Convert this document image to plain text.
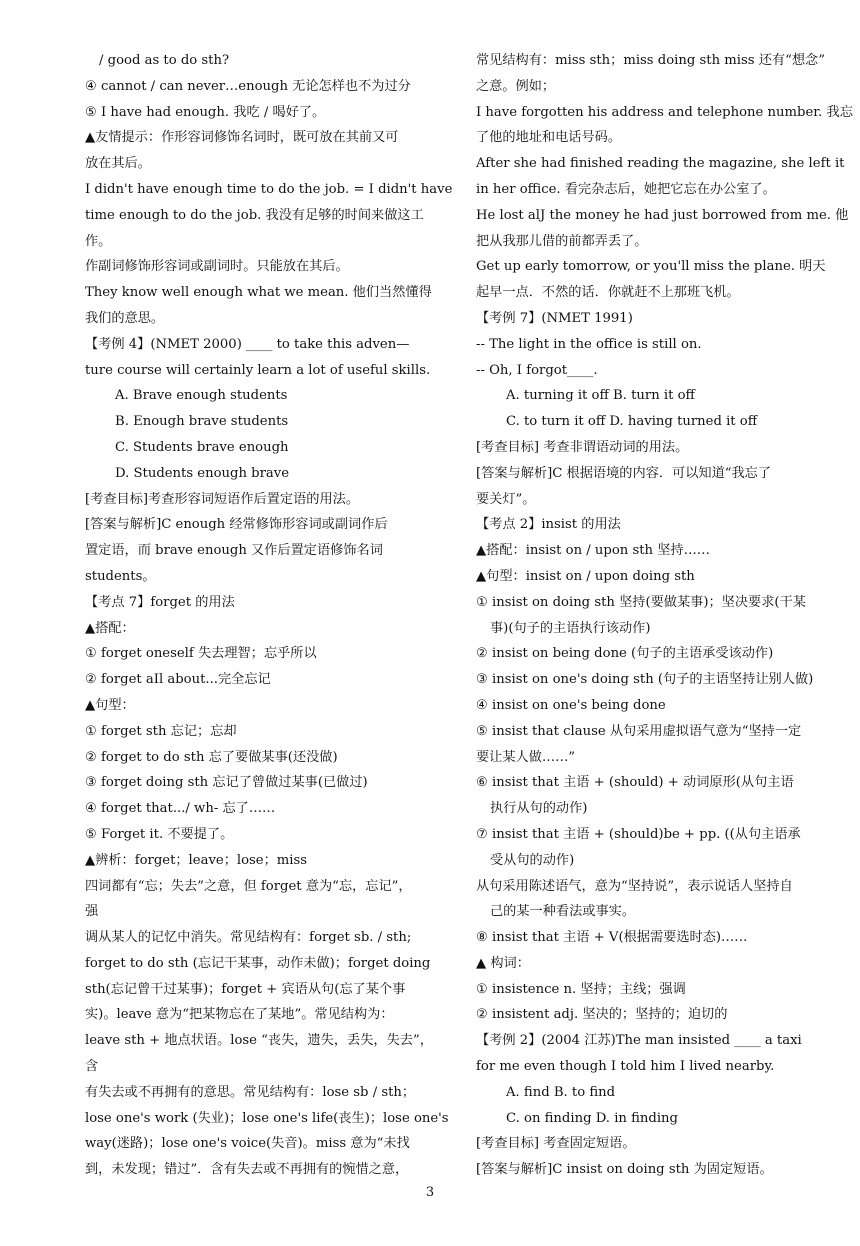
/ good as to do sth?
④ cannot / can never…enough 无论怎样也不为过分
⑤ I have had enough. 我吃 / 喝好了。
▲友情提示：作形容词修饰名词时，既可放在其前又可
放在其后。
I didn't have enough time to do the job. = I didn't have
time enough to do the job. 我没有足够的时间来做这工
作。
作副词修饰形容词或副词时。只能放在其后。
They know well enough what we mean. 他们当然懂得
我们的意思。
【考例 4】(NMET 2000) ____ to take this adven—
ture course will certainly learn a lot of useful skills.
A. Brave enough students
B. Enough brave students
C. Students brave enough
D. Students enough brave
[考查目标]考查形容词短语作后置定语的用法。
[答案与解析]C enough 经常修饰形容词或副词作后
置定语，而 brave enough 又作后置定语修饰名词
students。
【考点 7】forget 的用法
▲搭配：
① forget oneself 失去理智；忘乎所以
② forget aIl about...完全忘记
▲句型：
① forget sth 忘记；忘却
② forget to do sth 忘了要做某事(还没做)
③ forget doing sth 忘记了曾做过某事(已做过)
④ forget that.../ wh- 忘了……
⑤ Forget it. 不要提了。
▲辨析：forget；leave；lose；miss
四词都有“忘；失去”之意，但 forget 意为“忘，忘记”，
强
调从某人的记忆中消失。常见结构有：forget sb. / sth;
forget to do sth (忘记干某事，动作未做)；forget doing
sth(忘记曾干过某事)；forget + 宾语从句(忘了某个事
实)。leave 意为“把某物忘在了某地”。常见结构为：
leave sth + 地点状语。lose “丧失，遗失，丢失，失去”，
含
有失去或不再拥有的意思。常见结构有：lose sb / sth；
lose one's work (失业)；lose one's life(丧生)；lose one's
way(迷路)；lose one's voice(失音)。miss 意为“未找
到，未发现；错过”．含有失去或不再拥有的惋惜之意，
常见结构有：miss sth；miss doing sth miss 还有“想念”
之意。例如；
I have forgotten his address and telephone number. 我忘
了他的地址和电话号码。
After she had finished reading the magazine, she left it
in her office. 看完杂志后，她把它忘在办公室了。
He lost alJ the money he had just borrowed from me. 他
把从我那儿借的前都弄丢了。
Get up early tomorrow, or you'll miss the plane. 明天
起早一点．不然的话．你就赶不上那班飞机。
【考例 7】(NMET 1991)
-- The light in the office is still on.
-- Oh, I forgot____.
A. turning it off B. turn it off
C. to turn it off D. having turned it off
[考查目标] 考查非谓语动词的用法。
[答案与解析]C 根据语境的内容．可以知道“我忘了
要关灯”。
【考点 2】insist 的用法
▲搭配：insist on / upon sth 坚持……
▲句型：insist on / upon doing sth
① insist on doing sth 坚持(要做某事)；坚决要求(干某
事)(句子的主语执行该动作)
② insist on being done (句子的主语承受该动作)
③ insist on one's doing sth (句子的主语坚持让别人做)
④ insist on one's being done
⑤ insist that clause 从句采用虚拟语气意为“坚持一定
要让某人做……”
⑥ insist that 主语 + (should) + 动词原形(从句主语
执行从句的动作)
⑦ insist that 主语 + (should)be + pp. ((从句主语承
受从句的动作)
从句采用陈述语气，意为“坚持说”，表示说话人坚持自
己的某一种看法或事实。
⑧ insist that 主语 + V(根据需要选时态)……
▲ 构词：
① insistence n. 坚持；主线；强调
② insistent adj. 坚决的；坚持的；迫切的
【考例 2】(2004 江苏)The man insisted ____ a taxi
for me even though I told him I lived nearby.
A. find B. to find
C. on finding D. in finding
[考查目标] 考查固定短语。
[答案与解析]C insist on doing sth 为固定短语。
3
